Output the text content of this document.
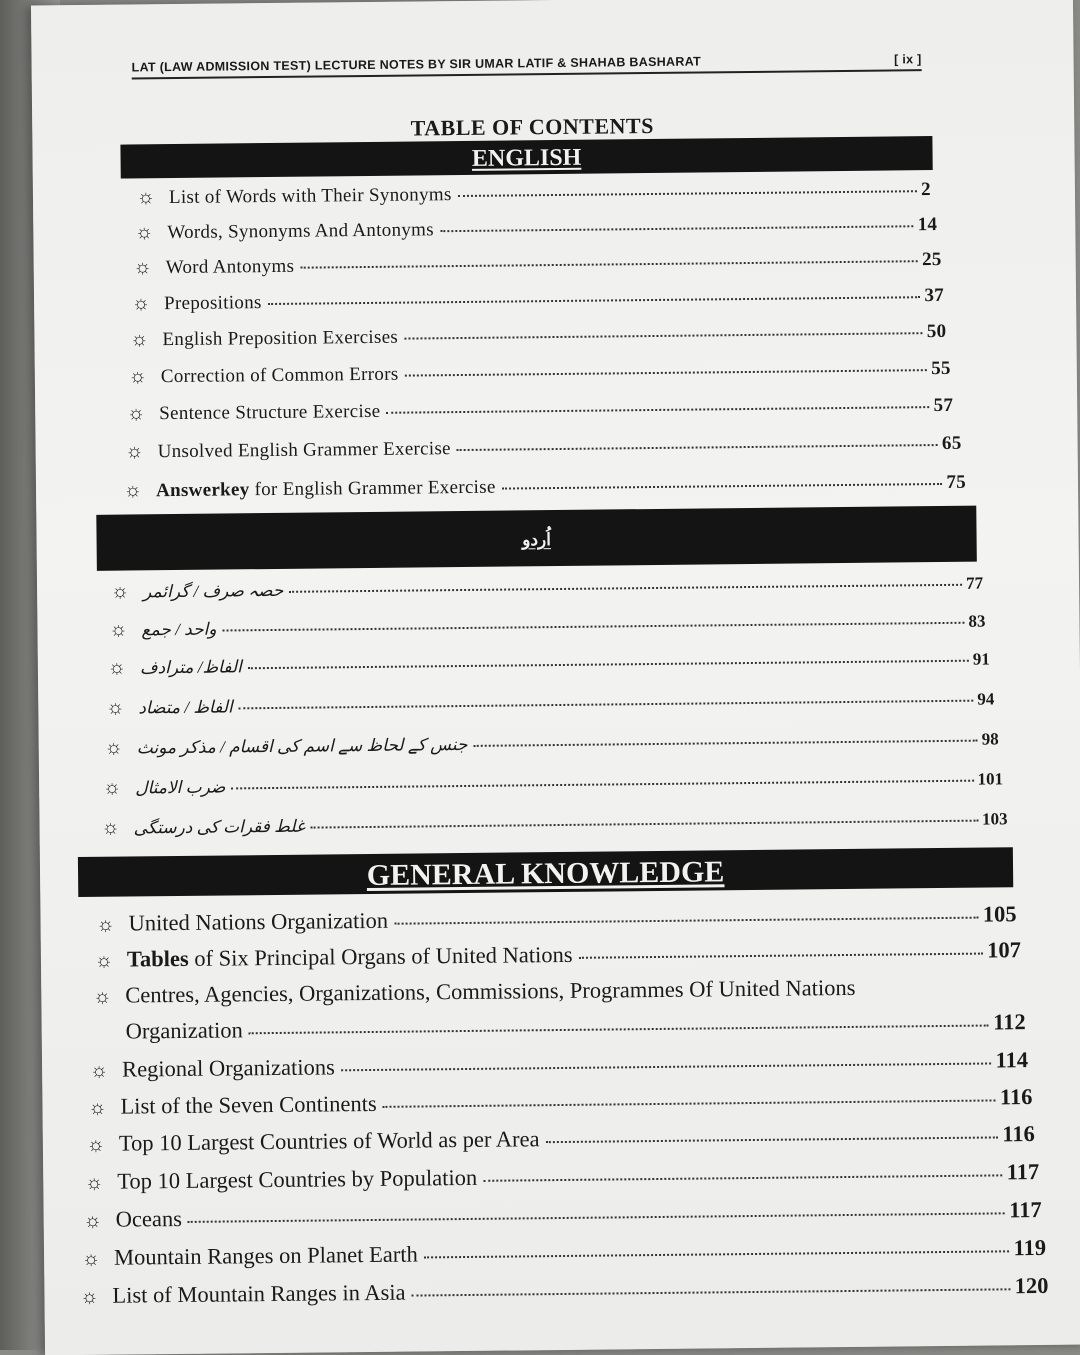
LAT (LAW ADMISSION TEST) LECTURE NOTES BY SIR UMAR LATIF & SHAHAB BASHARAT	[ ix ]
TABLE OF CONTENTS
ENGLISH
☼ List of Words with Their Synonyms	2
☼ Words, Synonyms And Antonyms	14
☼ Word Antonyms	25
☼ Prepositions	37
☼ English Preposition Exercises	50
☼ Correction of Common Errors	55
☼ Sentence Structure Exercise	57
☼ Unsolved English Grammer Exercise	65
☼ Answerkey for English Grammer Exercise	75
اُردو
☼ حصہ صرف / گرائمر	77
☼ واحد / جمع	83
☼ الفاظ/ مترادف	91
☼ الفاظ / متضاد	94
☼ جنس کے لحاظ سے اسم کی اقسام / مذکر مونث	98
☼ ضرب الامثال	101
☼ غلط فقرات کی درستگی	103
GENERAL KNOWLEDGE
☼ United Nations Organization	105
☼ Tables of Six Principal Organs of United Nations	107
☼ Centres, Agencies, Organizations, Commissions, Programmes Of United Nations
Organization	112
☼ Regional Organizations	114
☼ List of the Seven Continents	116
☼ Top 10 Largest Countries of World as per Area	116
☼ Top 10 Largest Countries by Population	117
☼ Oceans	117
☼ Mountain Ranges on Planet Earth	119
☼ List of Mountain Ranges in Asia	120
